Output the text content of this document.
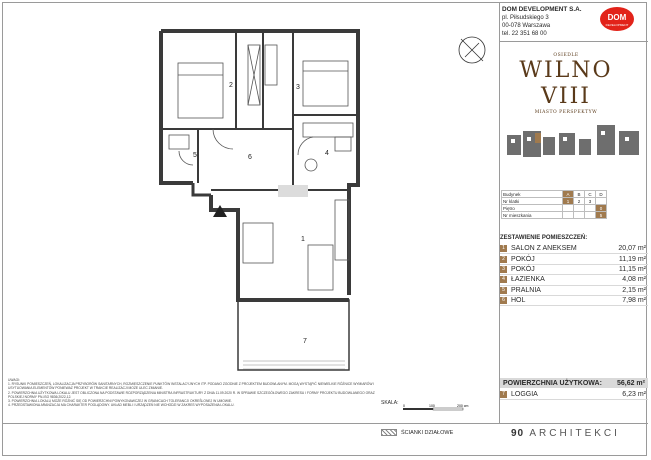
2	3
4
5	6
1
7
DOM DEVELOPMENT S.A.
pl. Piłsudskiego 3
00-078 Warszawa
tel. 22 351 68 00
DOM
DEVELOPMENT
OSIEDLE
WILNO VIII
MIASTO PERSPEKTYW
Budynek	A	B	C	D
Nr klatki	1	2	3	
Piętro				0
Nr mieszkania				5
ZESTAWIENIE POMIESZCZEŃ:
1 SALON Z ANEKSEM	20,07 m²
2 POKÓJ	11,19 m²
3 POKÓJ	11,15 m²
4 ŁAZIENKA	4,08 m²
5 PRALNIA	2,15 m²
6 HOL	7,98 m²
POWIERZCHNIA UŻYTKOWA:	56,62 m²
7 LOGGIA	6,23 m²
UWAGI:
1. RYSUNKI POMIESZCZEŃ, LOKALIZACJA PRZYBORÓW SANITARNYCH, ROZMIESZCZENIE PUNKTÓW INSTALACYJNYCH ITP. PODANO ZGODNIE Z PROJEKTEM BUDOWLANYM. MOGĄ WYSTĄPIĆ NIEWIELKIE RÓŻNICE WYMIARÓW I USYTUOWANIA ELEMENTÓW PONIEWAŻ PROJEKT W TRAKCIE REALIZACJI MOŻE ULEC ZMIANIE.
2. POWIERZCHNIA UŻYTKOWA LOKALU JEST OBLICZONA NA PODSTAWIE ROZPORZĄDZENIA MINISTRA INFRASTRUKTURY Z DNIA 11.09.2020 R. W SPRAWIE SZCZEGÓŁOWEGO ZAKRESU I FORMY PROJEKTU BUDOWLANEGO ORAZ POLSKIEJ NORMY PN-ISO 9836:2022-12.
3. POWIERZCHNIA LOKALU MOŻE RÓŻNIĆ SIĘ OD POWIERZCHNI POWYKONAWCZEJ W GRANICACH TOLERANCJI OKREŚLONEJ W UMOWIE.
4. PRZEDSTAWIONA ARANŻACJA MA CHARAKTER POGLĄDOWY. UKŁAD MEBLI I URZĄDZEŃ NIE WCHODZI W ZAKRES WYPOSAŻENIA LOKALU.	SKALA: 0	100	200 cm
ŚCIANKI DZIAŁOWE	90 ARCHITEKCI
